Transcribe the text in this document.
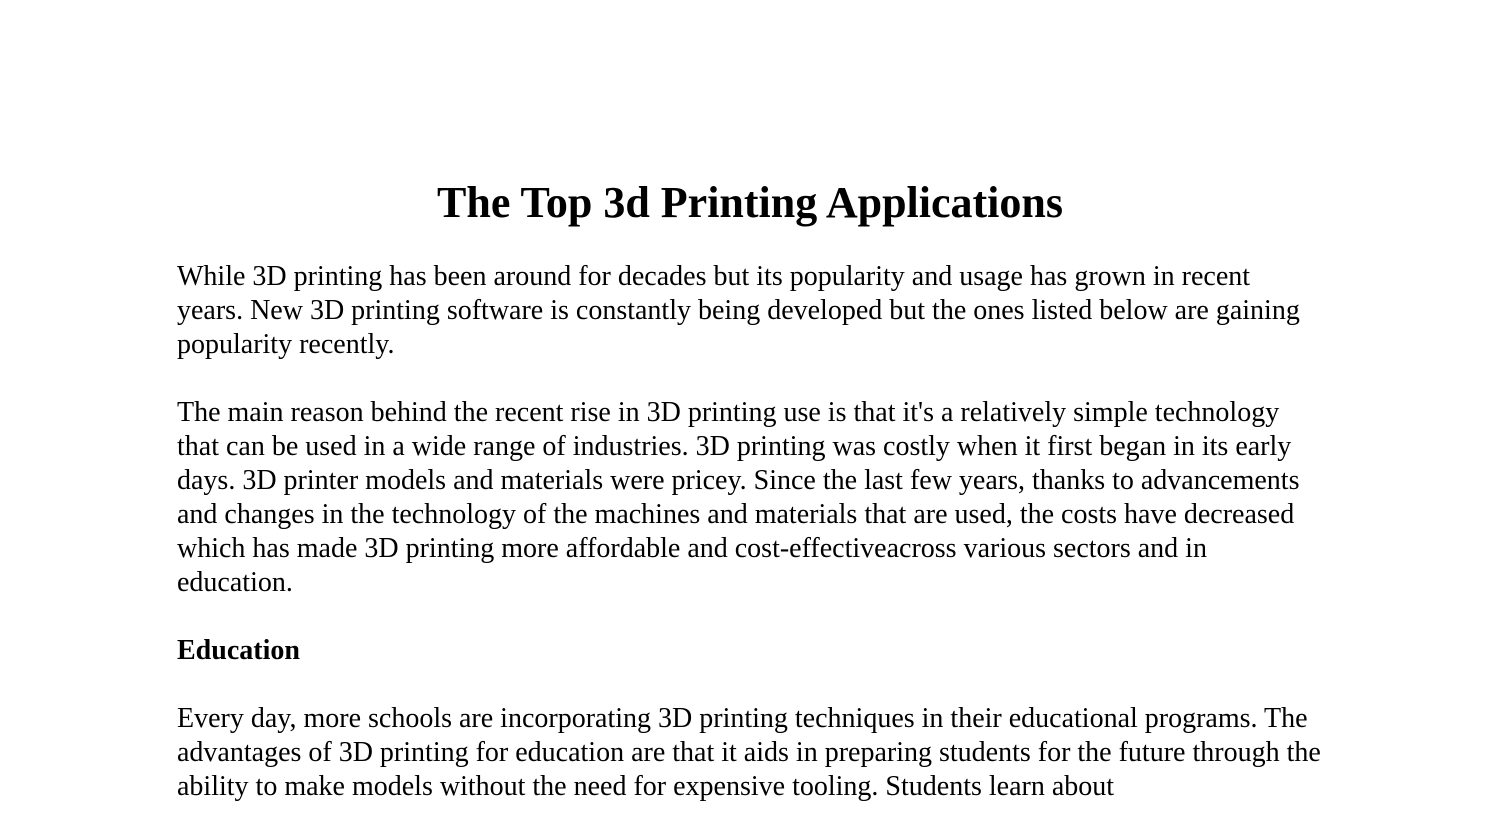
The Top 3d Printing Applications

While 3D printing has been around for decades but its popularity and usage has grown in recent years. New 3D printing software is constantly being developed but the ones listed below are gaining popularity recently.

The main reason behind the recent rise in 3D printing use is that it's a relatively simple technology that can be used in a wide range of industries. 3D printing was costly when it first began in its early days. 3D printer models and materials were pricey. Since the last few years, thanks to advancements and changes in the technology of the machines and materials that are used, the costs have decreased which has made 3D printing more affordable and cost-effectiveacross various sectors and in education.

Education

Every day, more schools are incorporating 3D printing techniques in their educational programs. The advantages of 3D printing for education are that it aids in preparing students for the future through the ability to make models without the need for expensive tooling. Students learn about
